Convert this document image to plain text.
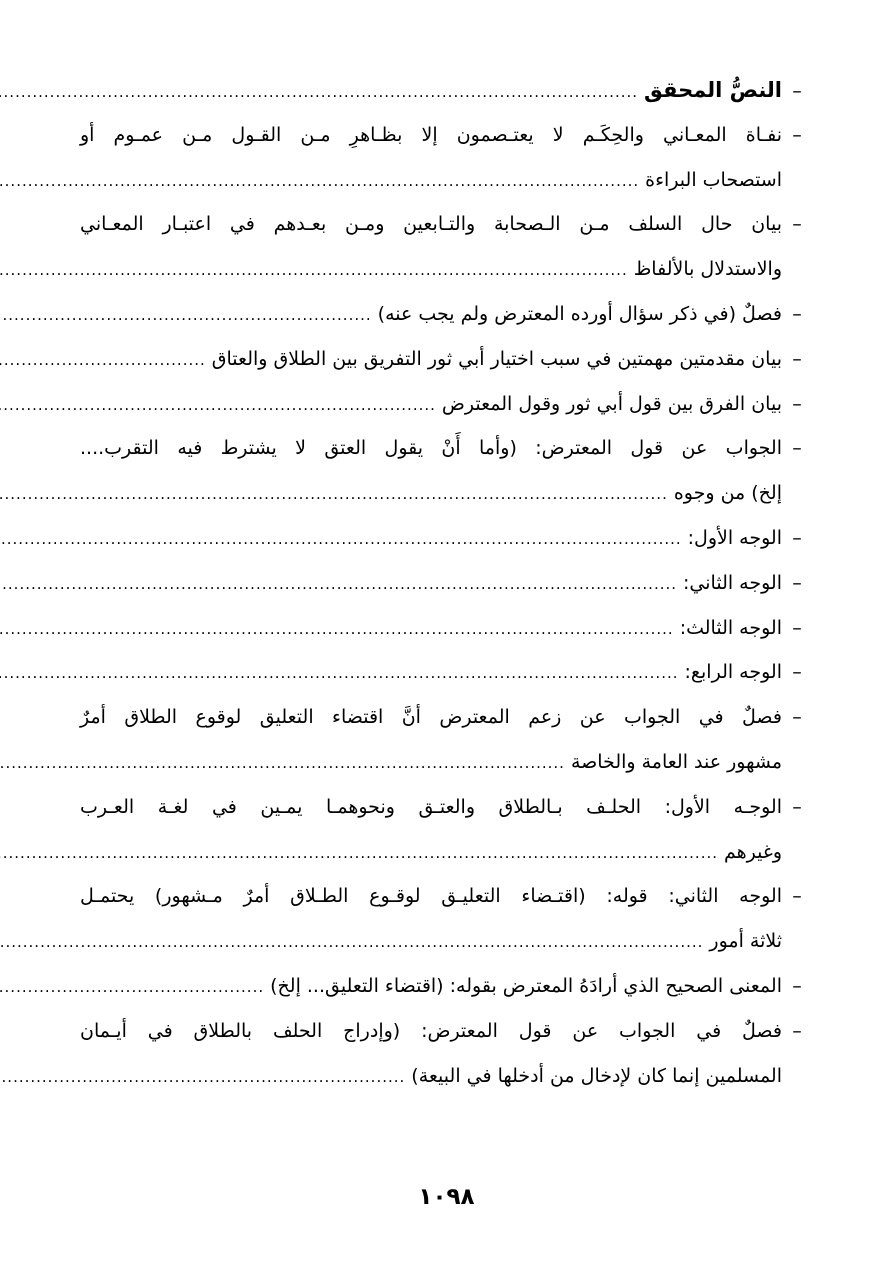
–
النصُّ المحقق
.....
–
نفـاة المعـاني والحِكَـم لا يعتـصمون إلا بظـاهرِ مـن القـول مـن عمـوم أو
استصحاب البراءة
.....
–
بيان حال السلف مـن الـصحابة والتـابعين ومـن بعـدهم في اعتبـار المعـاني
والاستدلال بالألفاظ
.....
–
فصلٌ (في ذكر سؤال أورده المعترض ولم يجب عنه)
.....
–
بيان مقدمتين مهمتين في سبب اختيار أبي ثور التفريق بين الطلاق والعتاق
.....
–
بيان الفرق بين قول أبي ثور وقول المعترض
.....
–
الجواب عن قول المعترض: (وأما أَنْ يقول العتق لا يشترط فيه التقرب....
إلخ) من وجوه
.....
–
الوجه الأول:
.....
–
الوجه الثاني:
.....
–
الوجه الثالث:
.....
–
الوجه الرابع:
.....
–
فصلٌ في الجواب عن زعم المعترض أنَّ اقتضاء التعليق لوقوع الطلاق أمرٌ
مشهور عند العامة والخاصة
.....
–
الوجـه الأول: الحلـف بـالطلاق والعتـق ونحوهمـا يمـين في لغـة العـرب
وغيرهم
.....
–
الوجه الثاني: قوله: (اقتـضاء التعليـق لوقـوع الطـلاق أمرٌ مـشهور) يحتمـل
ثلاثة أمور
.....
–
المعنى الصحيح الذي أرادَهُ المعترض بقوله: (اقتضاء التعليق... إلخ)
.....
–
فصلٌ في الجواب عن قول المعترض: (وإدراج الحلف بالطلاق في أيـمان
المسلمين إنما كان لإدخال من أدخلها في البيعة)
.....
١٠٩٨
